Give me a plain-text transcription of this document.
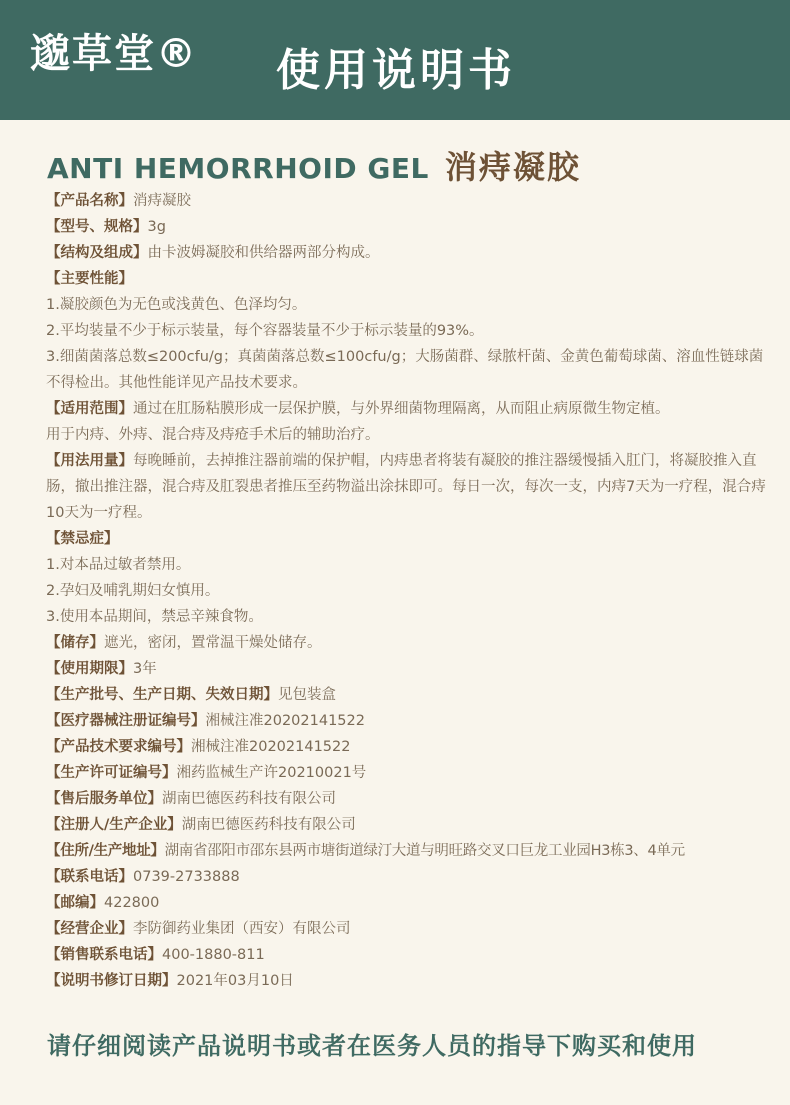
邈草堂® 使用说明书
ANTI HEMORRHOID GEL 消痔凝胶
【产品名称】消痔凝胶
【型号、规格】3g
【结构及组成】由卡波姆凝胶和供给器两部分构成。
【主要性能】
1.凝胶颜色为无色或浅黄色、色泽均匀。
2.平均装量不少于标示装量，每个容器装量不少于标示装量的93%。
3.细菌菌落总数≤200cfu/g；真菌菌落总数≤100cfu/g；大肠菌群、绿脓杆菌、金黄色葡萄球菌、溶血性链球菌不得检出。其他性能详见产品技术要求。
【适用范围】通过在肛肠粘膜形成一层保护膜，与外界细菌物理隔离，从而阻止病原微生物定植。
用于内痔、外痔、混合痔及痔疮手术后的辅助治疗。
【用法用量】每晚睡前，去掉推注器前端的保护帽，内痔患者将装有凝胶的推注器缓慢插入肛门，将凝胶推入直肠，撤出推注器，混合痔及肛裂患者推压至药物溢出涂抹即可。每日一次，每次一支，内痔7天为一疗程，混合痔10天为一疗程。
【禁忌症】
1.对本品过敏者禁用。
2.孕妇及哺乳期妇女慎用。
3.使用本品期间，禁忌辛辣食物。
【储存】遮光，密闭，置常温干燥处储存。
【使用期限】3年
【生产批号、生产日期、失效日期】见包装盒
【医疗器械注册证编号】湘械注准20202141522
【产品技术要求编号】湘械注准20202141522
【生产许可证编号】湘药监械生产许20210021号
【售后服务单位】湖南巴德医药科技有限公司
【注册人/生产企业】湖南巴德医药科技有限公司
【住所/生产地址】湖南省邵阳市邵东县两市塘街道绿汀大道与明旺路交叉口巨龙工业园H3栋3、4单元
【联系电话】0739-2733888
【邮编】422800
【经营企业】李防御药业集团（西安）有限公司
【销售联系电话】400-1880-811
【说明书修订日期】2021年03月10日
请仔细阅读产品说明书或者在医务人员的指导下购买和使用
